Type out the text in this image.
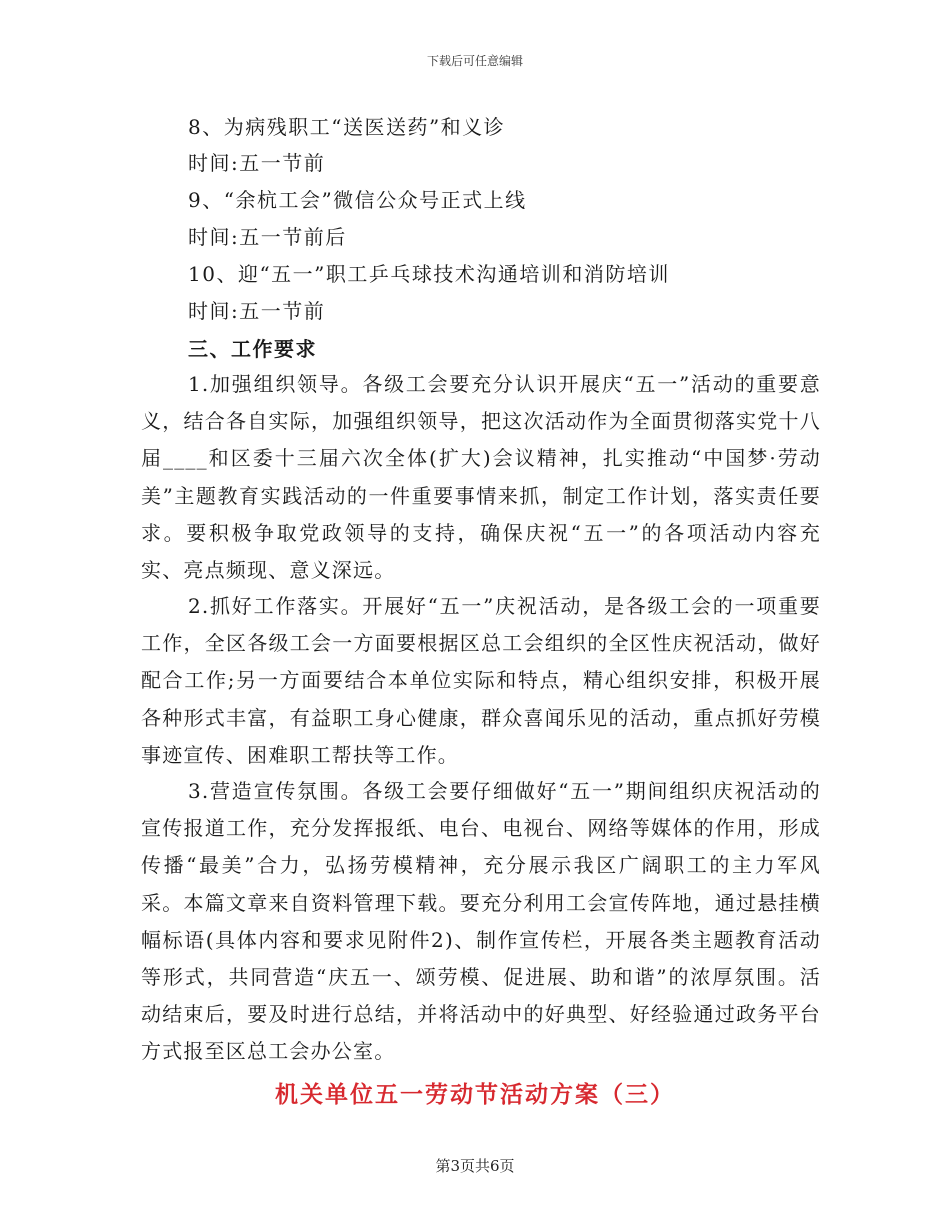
下载后可任意编辑
8、为病残职工“送医送药”和义诊
时间:五一节前
9、“余杭工会”微信公众号正式上线
时间:五一节前后
10、迎“五一”职工乒乓球技术沟通培训和消防培训
时间:五一节前
三、工作要求
1.加强组织领导。各级工会要充分认识开展庆“五一”活动的重要意义，结合各自实际，加强组织领导，把这次活动作为全面贯彻落实党十八届____和区委十三届六次全体(扩大)会议精神，扎实推动“中国梦·劳动美”主题教育实践活动的一件重要事情来抓，制定工作计划，落实责任要求。要积极争取党政领导的支持，确保庆祝“五一”的各项活动内容充实、亮点频现、意义深远。
2.抓好工作落实。开展好“五一”庆祝活动，是各级工会的一项重要工作，全区各级工会一方面要根据区总工会组织的全区性庆祝活动，做好配合工作;另一方面要结合本单位实际和特点，精心组织安排，积极开展各种形式丰富，有益职工身心健康，群众喜闻乐见的活动，重点抓好劳模事迹宣传、困难职工帮扶等工作。
3.营造宣传氛围。各级工会要仔细做好“五一”期间组织庆祝活动的宣传报道工作，充分发挥报纸、电台、电视台、网络等媒体的作用，形成传播“最美”合力，弘扬劳模精神，充分展示我区广阔职工的主力军风采。本篇文章来自资料管理下载。要充分利用工会宣传阵地，通过悬挂横幅标语(具体内容和要求见附件2)、制作宣传栏，开展各类主题教育活动等形式，共同营造“庆五一、颂劳模、促进展、助和谐”的浓厚氛围。活动结束后，要及时进行总结，并将活动中的好典型、好经验通过政务平台方式报至区总工会办公室。
机关单位五一劳动节活动方案（三）
第3页共6页
